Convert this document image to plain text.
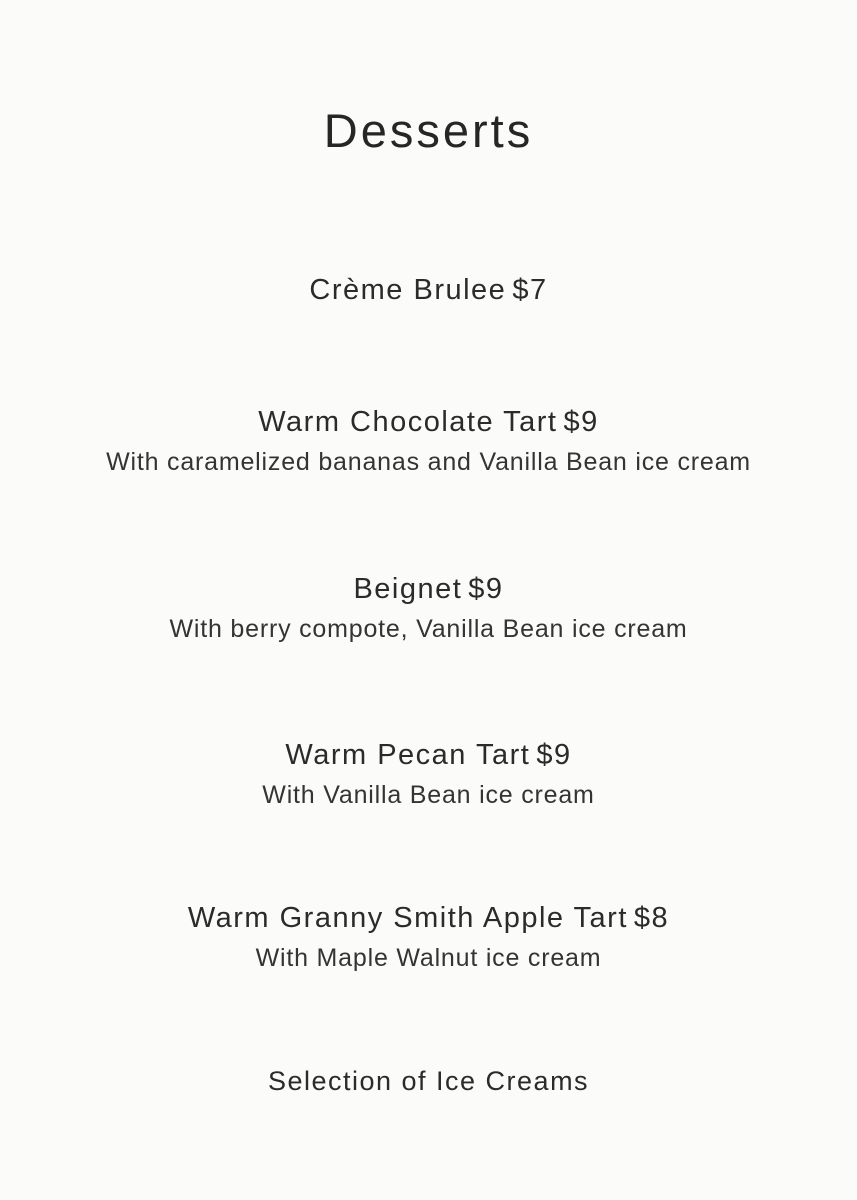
Desserts
Crème Brulee $7
Warm Chocolate Tart $9
With caramelized bananas and Vanilla Bean ice cream
Beignet $9
With berry compote, Vanilla Bean ice cream
Warm Pecan Tart $9
With Vanilla Bean ice cream
Warm Granny Smith Apple Tart $8
With Maple Walnut ice cream
Selection of Ice Creams
